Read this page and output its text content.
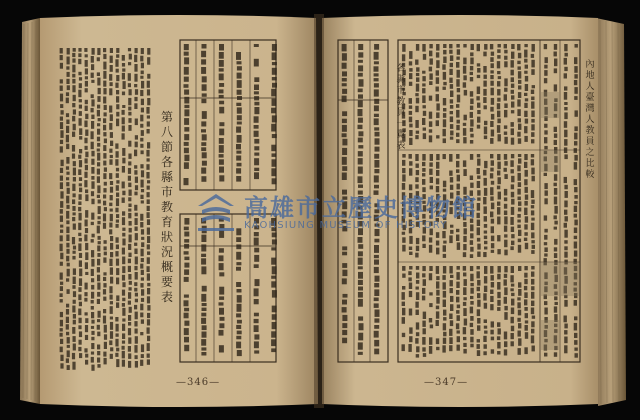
第
八
節
各
縣
市
教
育
狀
況
概
要
表
各
縣
市
教
員
一
覽
表
內
地
人
臺
灣
人
教
員
之
比
較
—346—	—347—
高雄市立歷史博物館
KAOHSIUNG MUSEUM OF HISTORY
